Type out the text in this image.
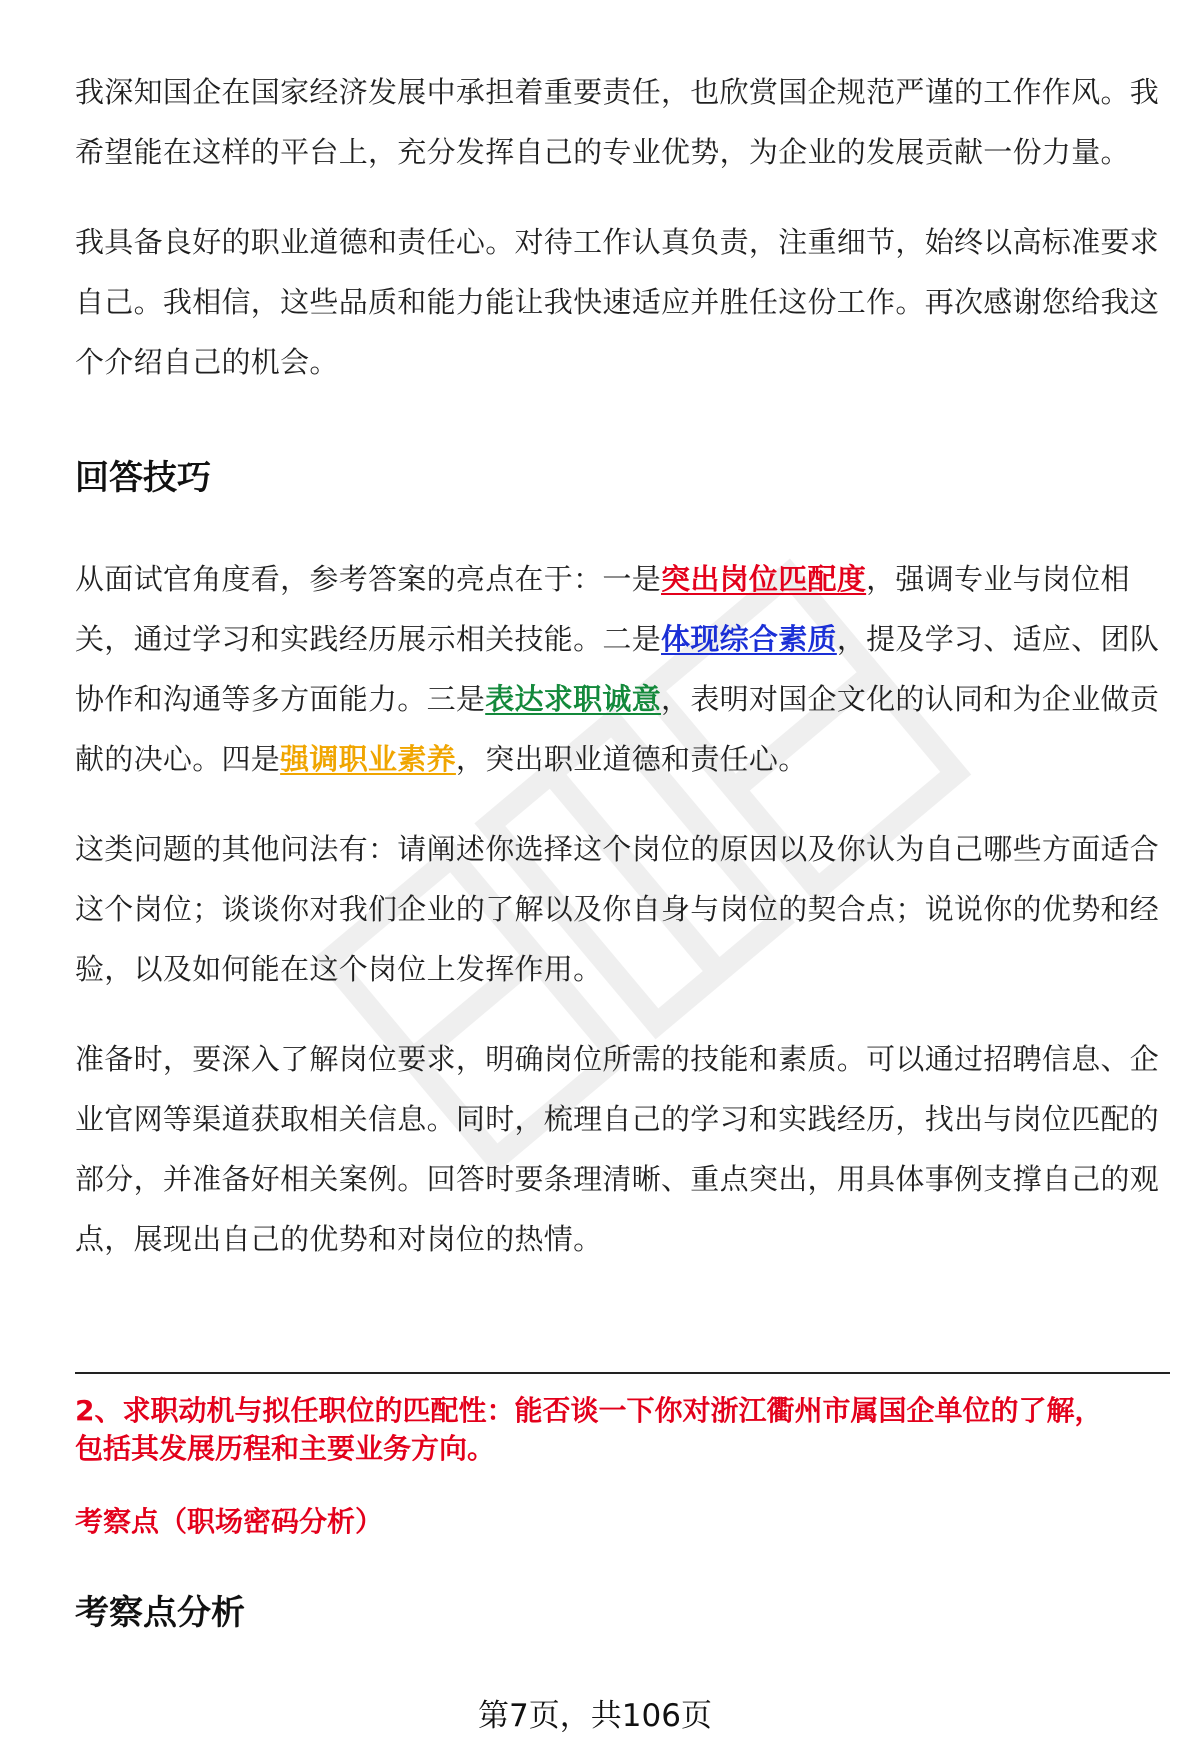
我深知国企在国家经济发展中承担着重要责任，也欣赏国企规范严谨的工作作风。我希望能在这样的平台上，充分发挥自己的专业优势，为企业的发展贡献一份力量。

我具备良好的职业道德和责任心。对待工作认真负责，注重细节，始终以高标准要求自己。我相信，这些品质和能力能让我快速适应并胜任这份工作。再次感谢您给我这个介绍自己的机会。

回答技巧

从面试官角度看，参考答案的亮点在于：一是突出岗位匹配度，强调专业与岗位相关，通过学习和实践经历展示相关技能。二是体现综合素质，提及学习、适应、团队协作和沟通等多方面能力。三是表达求职诚意，表明对国企文化的认同和为企业做贡献的决心。四是强调职业素养，突出职业道德和责任心。

这类问题的其他问法有：请阐述你选择这个岗位的原因以及你认为自己哪些方面适合这个岗位；谈谈你对我们企业的了解以及你自身与岗位的契合点；说说你的优势和经验，以及如何能在这个岗位上发挥作用。

准备时，要深入了解岗位要求，明确岗位所需的技能和素质。可以通过招聘信息、企业官网等渠道获取相关信息。同时，梳理自己的学习和实践经历，找出与岗位匹配的部分，并准备好相关案例。回答时要条理清晰、重点突出，用具体事例支撑自己的观点，展现出自己的优势和对岗位的热情。

2、求职动机与拟任职位的匹配性：能否谈一下你对浙江衢州市属国企单位的了解，包括其发展历程和主要业务方向。
考察点（职场密码分析）
考察点分析
第7页，共106页
